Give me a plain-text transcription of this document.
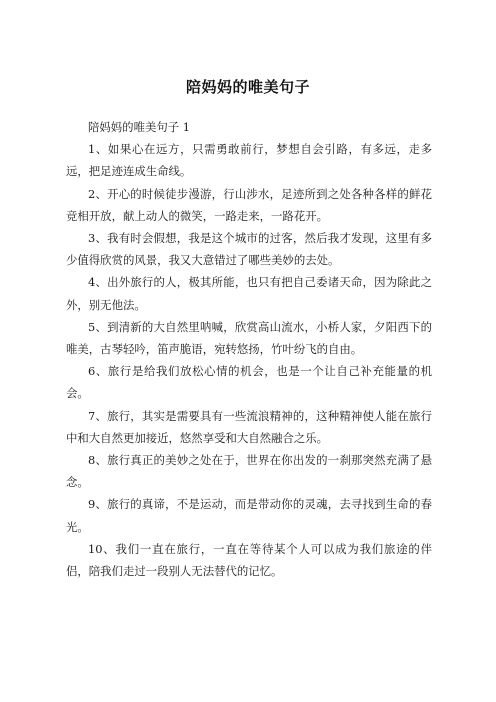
陪妈妈的唯美句子

陪妈妈的唯美句子 1

1、如果心在远方，只需勇敢前行，梦想自会引路，有多远，走多远，把足迹连成生命线。

2、开心的时候徒步漫游，行山涉水，足迹所到之处各种各样的鲜花竞相开放，献上动人的微笑，一路走来，一路花开。

3、我有时会假想，我是这个城市的过客，然后我才发现，这里有多少值得欣赏的风景，我又大意错过了哪些美妙的去处。

4、出外旅行的人，极其所能，也只有把自己委诸天命，因为除此之外，别无他法。

5、到清新的大自然里呐喊，欣赏高山流水，小桥人家，夕阳西下的唯美，古琴轻吟，笛声脆语，宛转悠扬，竹叶纷飞的自由。

6、旅行是给我们放松心情的机会，也是一个让自己补充能量的机会。

7、旅行，其实是需要具有一些流浪精神的，这种精神使人能在旅行中和大自然更加接近，悠然享受和大自然融合之乐。

8、旅行真正的美妙之处在于，世界在你出发的一刹那突然充满了悬念。

9、旅行的真谛，不是运动，而是带动你的灵魂，去寻找到生命的春光。

10、我们一直在旅行，一直在等待某个人可以成为我们旅途的伴侣，陪我们走过一段别人无法替代的记忆。
